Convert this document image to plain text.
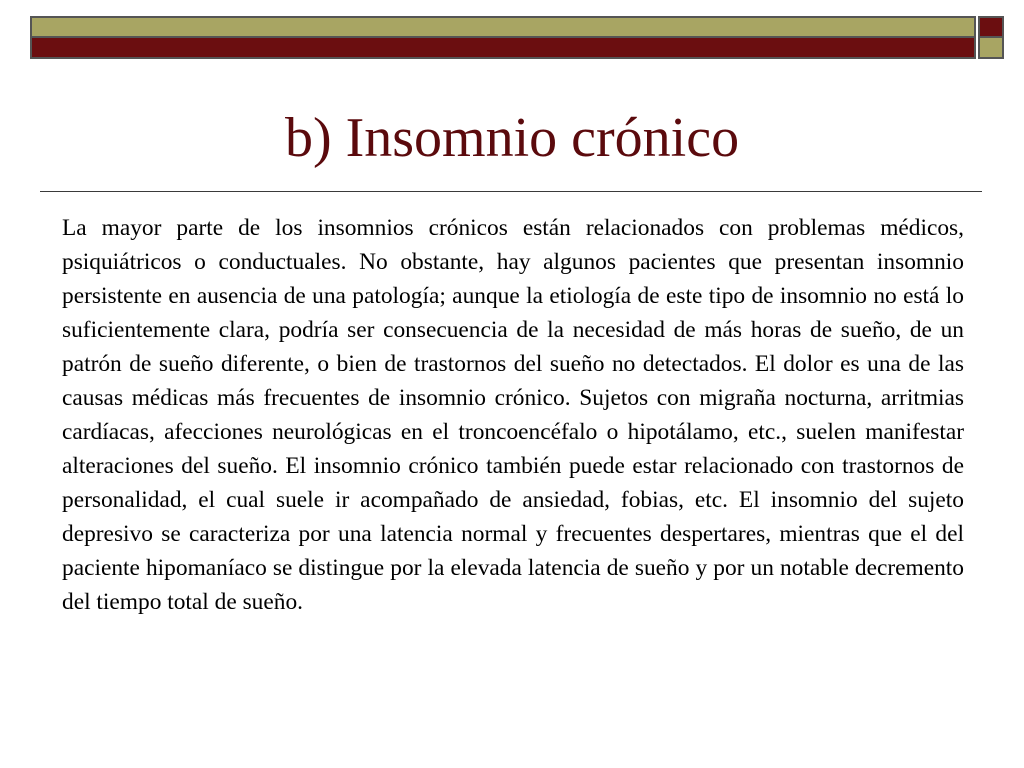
b) Insomnio crónico
La mayor parte de los insomnios crónicos están relacionados con problemas médicos, psiquiátricos o conductuales. No obstante, hay algunos pacientes que presentan insomnio persistente en ausencia de una patología; aunque la etiología de este tipo de insomnio no está lo suficientemente clara, podría ser consecuencia de la necesidad de más horas de sueño, de un patrón de sueño diferente, o bien de trastornos del sueño no detectados. El dolor es una de las causas médicas más frecuentes de insomnio crónico. Sujetos con migraña nocturna, arritmias cardíacas, afecciones neurológicas en el troncoencéfalo o hipotálamo, etc., suelen manifestar alteraciones del sueño. El insomnio crónico también puede estar relacionado con trastornos de personalidad, el cual suele ir acompañado de ansiedad, fobias, etc. El insomnio del sujeto depresivo se caracteriza por una latencia normal y frecuentes despertares, mientras que el del paciente hipomaníaco se distingue por la elevada latencia de sueño y por un notable decremento del tiempo total de sueño.
